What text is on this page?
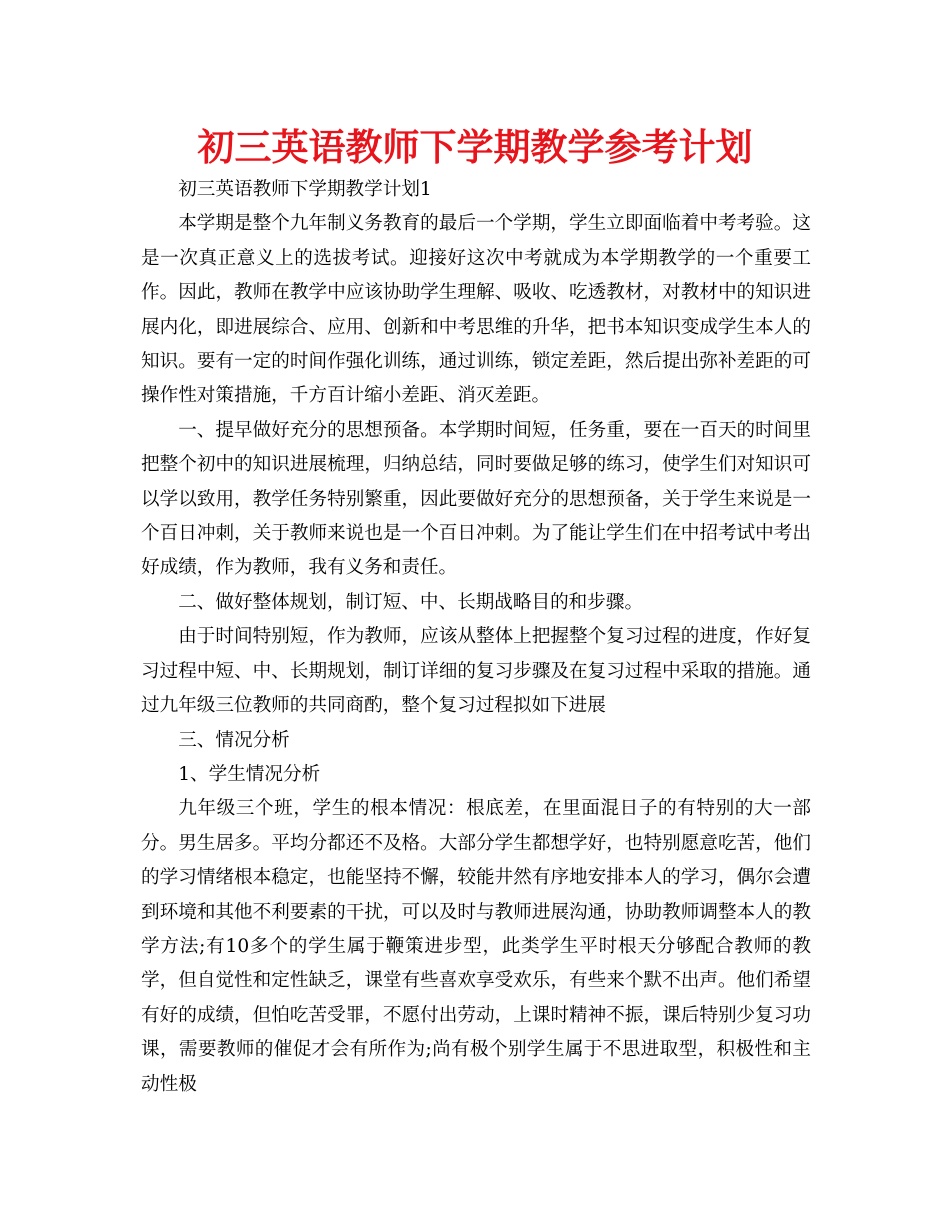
初三英语教师下学期教学参考计划

初三英语教师下学期教学计划1

本学期是整个九年制义务教育的最后一个学期，学生立即面临着中考考验。这是一次真正意义上的选拔考试。迎接好这次中考就成为本学期教学的一个重要工作。因此，教师在教学中应该协助学生理解、吸收、吃透教材，对教材中的知识进展内化，即进展综合、应用、创新和中考思维的升华，把书本知识变成学生本人的知识。要有一定的时间作强化训练，通过训练，锁定差距，然后提出弥补差距的可操作性对策措施，千方百计缩小差距、消灭差距。

一、提早做好充分的思想预备。本学期时间短，任务重，要在一百天的时间里把整个初中的知识进展梳理，归纳总结，同时要做足够的练习，使学生们对知识可以学以致用，教学任务特别繁重，因此要做好充分的思想预备，关于学生来说是一个百日冲刺，关于教师来说也是一个百日冲刺。为了能让学生们在中招考试中考出好成绩，作为教师，我有义务和责任。

二、做好整体规划，制订短、中、长期战略目的和步骤。

由于时间特别短，作为教师，应该从整体上把握整个复习过程的进度，作好复习过程中短、中、长期规划，制订详细的复习步骤及在复习过程中采取的措施。通过九年级三位教师的共同商酌，整个复习过程拟如下进展

三、情况分析

1、学生情况分析

九年级三个班，学生的根本情况：根底差，在里面混日子的有特别的大一部分。男生居多。平均分都还不及格。大部分学生都想学好，也特别愿意吃苦，他们的学习情绪根本稳定，也能坚持不懈，较能井然有序地安排本人的学习，偶尔会遭到环境和其他不利要素的干扰，可以及时与教师进展沟通，协助教师调整本人的教学方法;有10多个的学生属于鞭策进步型，此类学生平时根天分够配合教师的教学，但自觉性和定性缺乏，课堂有些喜欢享受欢乐，有些来个默不出声。他们希望有好的成绩，但怕吃苦受罪，不愿付出劳动，上课时精神不振，课后特别少复习功课，需要教师的催促才会有所作为;尚有极个别学生属于不思进取型，积极性和主动性极
